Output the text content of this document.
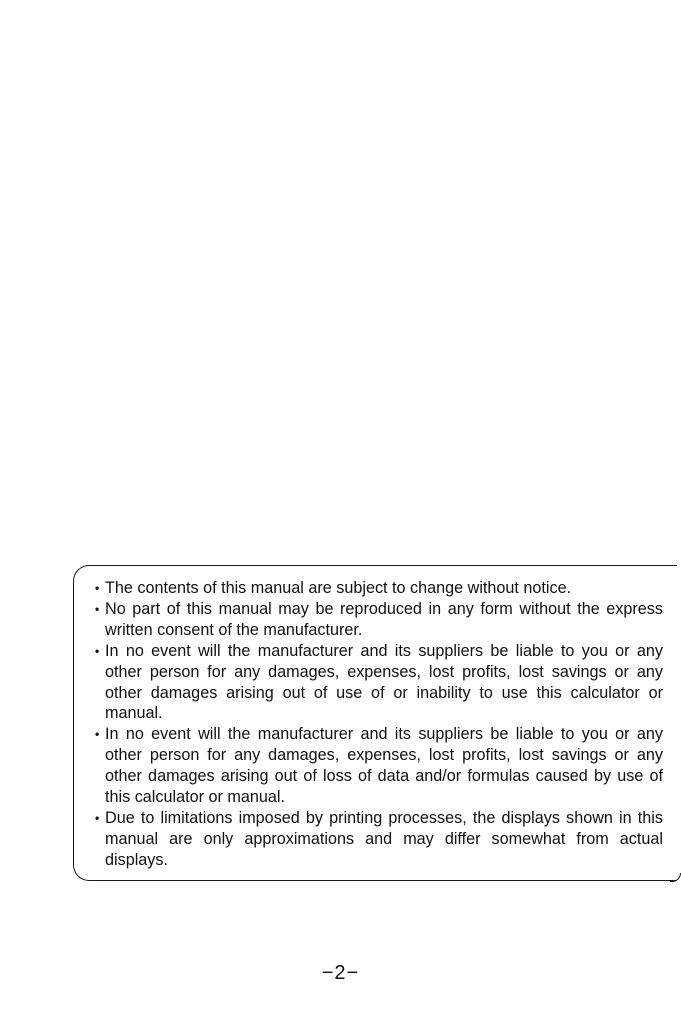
• The contents of this manual are subject to change without notice.
• No part of this manual may be reproduced in any form without the express written consent of the manufacturer.
• In no event will the manufacturer and its suppliers be liable to you or any other person for any damages, expenses, lost profits, lost savings or any other damages arising out of use of or inability to use this calculator or manual.
• In no event will the manufacturer and its suppliers be liable to you or any other person for any damages, expenses, lost profits, lost savings or any other damages arising out of loss of data and/or formulas caused by use of this calculator or manual.
• Due to limitations imposed by printing processes, the displays shown in this manual are only approximations and may differ somewhat from actual displays.
−2−
